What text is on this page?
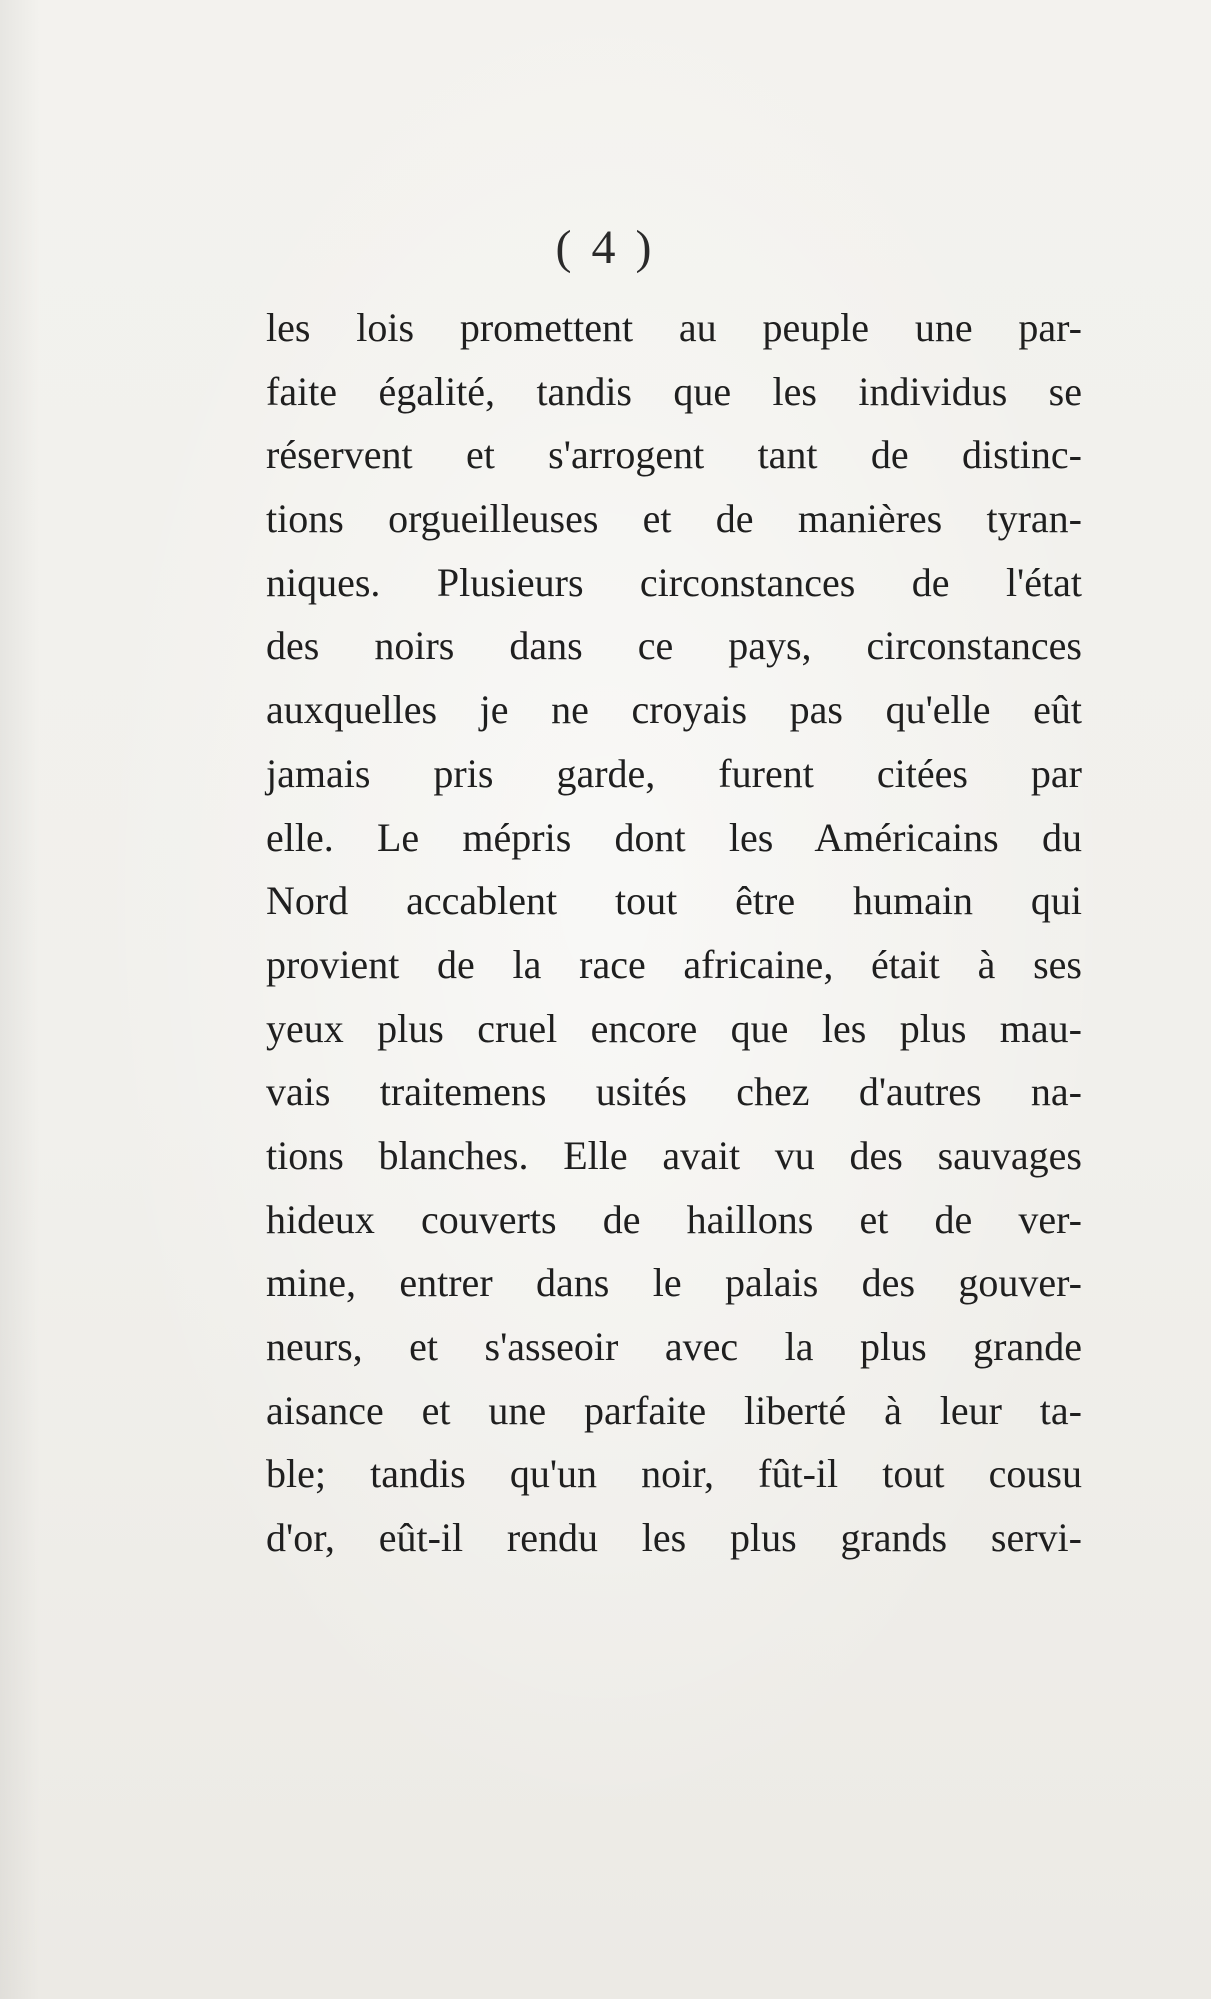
( 4 )
les lois promettent au peuple une par-
faite égalité, tandis que les individus se
réservent et s'arrogent tant de distinc-
tions orgueilleuses et de manières tyran-
niques. Plusieurs circonstances de l'état
des noirs dans ce pays, circonstances
auxquelles je ne croyais pas qu'elle eût
jamais pris garde, furent citées par
elle. Le mépris dont les Américains du
Nord accablent tout être humain qui
provient de la race africaine, était à ses
yeux plus cruel encore que les plus mau-
vais traitemens usités chez d'autres na-
tions blanches. Elle avait vu des sauvages
hideux couverts de haillons et de ver-
mine, entrer dans le palais des gouver-
neurs, et s'asseoir avec la plus grande
aisance et une parfaite liberté à leur ta-
ble; tandis qu'un noir, fût-il tout cousu
d'or, eût-il rendu les plus grands servi-
